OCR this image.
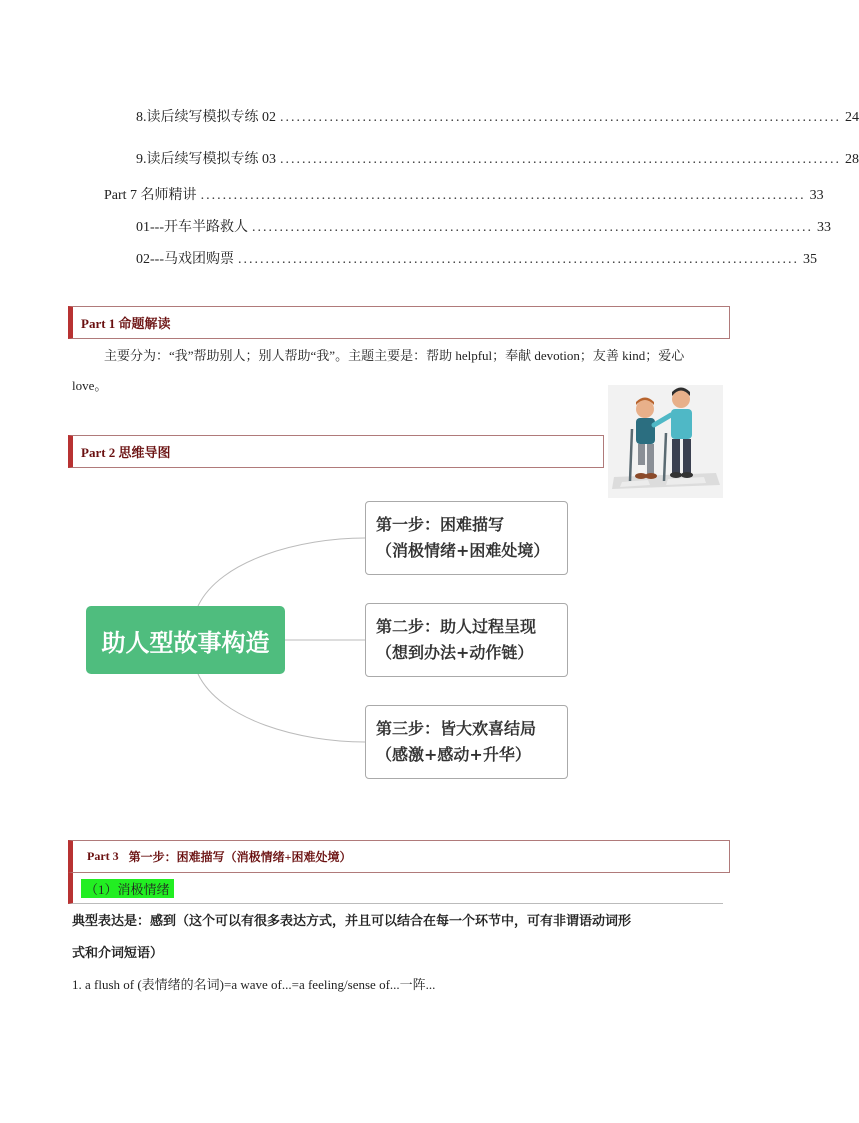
8. 读后续写模拟专练 02 ...................................................................................................... 24
9. 读后续写模拟专练 03 ...................................................................................................... 28
Part 7 名师精讲 .............................................................................................................. 33
01---开车半路救人 ...................................................................................................... 33
02---马戏团购票 ...................................................................................................... 35
Part 1 命题解读
主要分为：“我”帮助别人；别人帮助“我”。主题主要是：帮助 helpful；奉献 devotion；友善 kind；爱心
love。
Part 2 思维导图
助人型故事构造
第一步：困难描写
（消极情绪+困难处境）
第二步：助人过程呈现
（想到办法+动作链）
第三步：皆大欢喜结局
（感激+感动+升华）
Part 3 第一步：困难描写（消极情绪+困难处境）
（1）消极情绪
典型表达是：感到（这个可以有很多表达方式，并且可以结合在每一个环节中，可有非谓语动词形
式和介词短语）
1. a flush of (表情绪的名词)=a wave of...=a feeling/sense of...一阵...
